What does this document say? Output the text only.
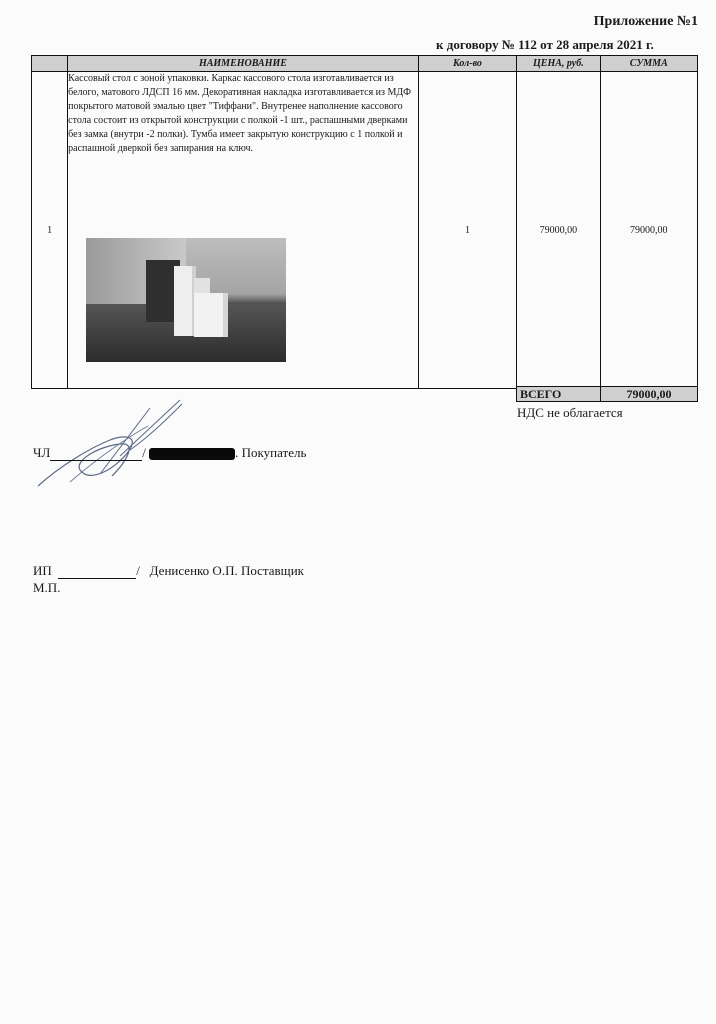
Приложение №1
к договору № 112 от 28 апреля 2021 г.
	НАИМЕНОВАНИЕ	Кол-во	ЦЕНА, руб.	СУММА
1	Кассовый стол с зоной упаковки. Каркас кассового стола изготавливается из белого, матового ЛДСП 16 мм. Декоративная накладка изготавливается из МДФ покрытого матовой эмалью цвет "Тиффани". Внутренее наполнение кассового стола состоит из открытой конструкции с полкой -1 шт., распашными дверками без замка (внутри -2 полки). Тумба имеет закрытую конструкцию с 1 полкой и распашной дверкой без запирания на ключ.	1	79000,00	79000,00
ВСЕГО	79000,00
НДС не облагается
ЧЛ	/	. Покупатель
ИП	/   Денисенко О.П. Поставщик
М.П.
